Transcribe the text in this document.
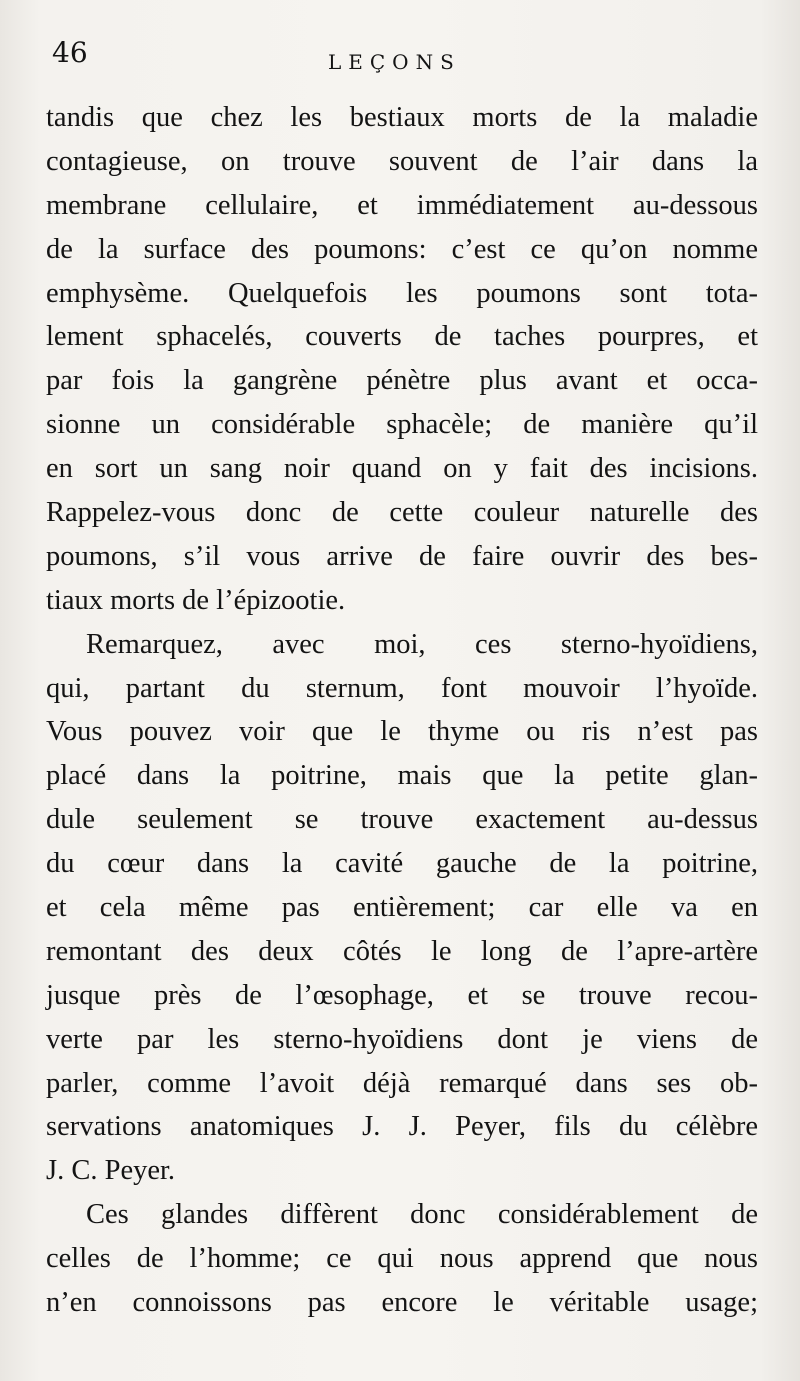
46	LEÇONS
tandis que chez les bestiaux morts de la maladie
contagieuse, on trouve souvent de l’air dans la
membrane cellulaire, et immédiatement au-dessous
de la surface des poumons: c’est ce qu’on nomme
emphysème. Quelquefois les poumons sont tota-
lement sphacelés, couverts de taches pourpres, et
par fois la gangrène pénètre plus avant et occa-
sionne un considérable sphacèle; de manière qu’il
en sort un sang noir quand on y fait des incisions.
Rappelez-vous donc de cette couleur naturelle des
poumons, s’il vous arrive de faire ouvrir des bes-
tiaux morts de l’épizootie.
Remarquez, avec moi, ces sterno-hyoïdiens,
qui, partant du sternum, font mouvoir l’hyoïde.
Vous pouvez voir que le thyme ou ris n’est pas
placé dans la poitrine, mais que la petite glan-
dule seulement se trouve exactement au-dessus
du cœur dans la cavité gauche de la poitrine,
et cela même pas entièrement; car elle va en
remontant des deux côtés le long de l’apre-artère
jusque près de l’œsophage, et se trouve recou-
verte par les sterno-hyoïdiens dont je viens de
parler, comme l’avoit déjà remarqué dans ses ob-
servations anatomiques J. J. Peyer, fils du célèbre
J. C. Peyer.
Ces glandes diffèrent donc considérablement de
celles de l’homme; ce qui nous apprend que nous
n’en connoissons pas encore le véritable usage;
